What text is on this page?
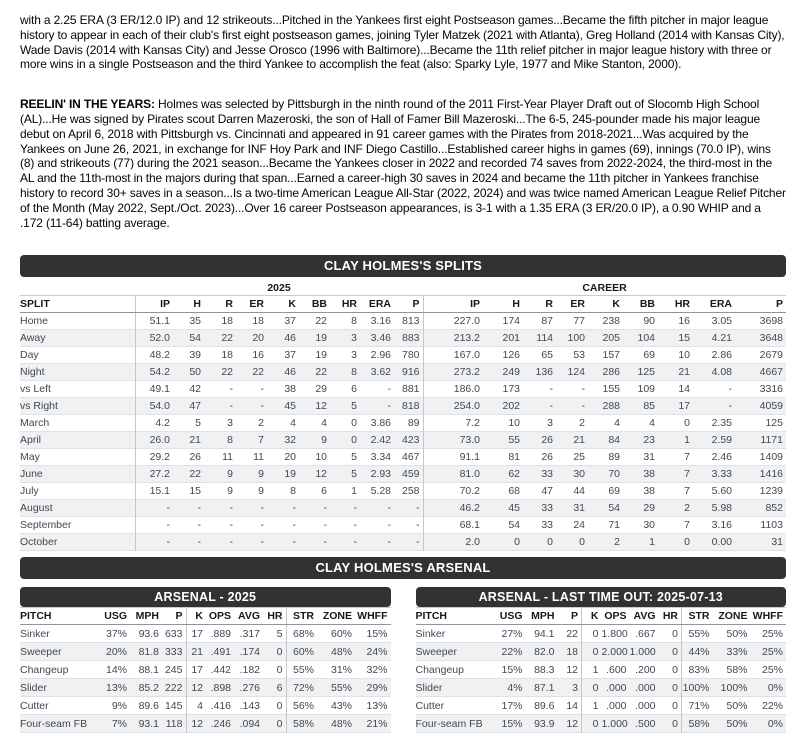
with a 2.25 ERA (3 ER/12.0 IP) and 12 strikeouts...Pitched in the Yankees first eight Postseason games...Became the fifth pitcher in major league history to appear in each of their club's first eight postseason games, joining Tyler Matzek (2021 with Atlanta), Greg Holland (2014 with Kansas City), Wade Davis (2014 with Kansas City) and Jesse Orosco (1996 with Baltimore)...Became the 11th relief pitcher in major league history with three or more wins in a single Postseason and the third Yankee to accomplish the feat (also: Sparky Lyle, 1977 and Mike Stanton, 2000).

REELIN' IN THE YEARS: Holmes was selected by Pittsburgh in the ninth round of the 2011 First-Year Player Draft out of Slocomb High School (AL)...He was signed by Pirates scout Darren Mazeroski, the son of Hall of Famer Bill Mazeroski...The 6-5, 245-pounder made his major league debut on April 6, 2018 with Pittsburgh vs. Cincinnati and appeared in 91 career games with the Pirates from 2018-2021...Was acquired by the Yankees on June 26, 2021, in exchange for INF Hoy Park and INF Diego Castillo...Established career highs in games (69), innings (70.0 IP), wins (8) and strikeouts (77) during the 2021 season...Became the Yankees closer in 2022 and recorded 74 saves from 2022-2024, the third-most in the AL and the 11th-most in the majors during that span...Earned a career-high 30 saves in 2024 and became the 11th pitcher in Yankees franchise history to record 30+ saves in a season...Is a two-time American League All-Star (2022, 2024) and was twice named American League Relief Pitcher of the Month (May 2022, Sept./Oct. 2023)...Over 16 career Postseason appearances, is 3-1 with a 1.35 ERA (3 ER/20.0 IP), a 0.90 WHIP and a .172 (11-64) batting average.

CLAY HOLMES'S SPLITS
	2025									CAREER								
SPLIT	IP	H	R	ER	K	BB	HR	ERA	P	IP	H	R	ER	K	BB	HR	ERA	P
Home	51.1	35	18	18	37	22	8	3.16	813	227.0	174	87	77	238	90	16	3.05	3698
Away	52.0	54	22	20	46	19	3	3.46	883	213.2	201	114	100	205	104	15	4.21	3648
Day	48.2	39	18	16	37	19	3	2.96	780	167.0	126	65	53	157	69	10	2.86	2679
Night	54.2	50	22	22	46	22	8	3.62	916	273.2	249	136	124	286	125	21	4.08	4667
vs Left	49.1	42	-	-	38	29	6	-	881	186.0	173	-	-	155	109	14	-	3316
vs Right	54.0	47	-	-	45	12	5	-	818	254.0	202	-	-	288	85	17	-	4059
March	4.2	5	3	2	4	4	0	3.86	89	7.2	10	3	2	4	4	0	2.35	125
April	26.0	21	8	7	32	9	0	2.42	423	73.0	55	26	21	84	23	1	2.59	1171
May	29.2	26	11	11	20	10	5	3.34	467	91.1	81	26	25	89	31	7	2.46	1409
June	27.2	22	9	9	19	12	5	2.93	459	81.0	62	33	30	70	38	7	3.33	1416
July	15.1	15	9	9	8	6	1	5.28	258	70.2	68	47	44	69	38	7	5.60	1239
August	-	-	-	-	-	-	-	-	-	46.2	45	33	31	54	29	2	5.98	852
September	-	-	-	-	-	-	-	-	-	68.1	54	33	24	71	30	7	3.16	1103
October	-	-	-	-	-	-	-	-	-	2.0	0	0	0	2	1	0	0.00	31
CLAY HOLMES'S ARSENAL
ARSENAL - 2025
PITCH	USG	MPH	P	K	OPS	AVG	HR	STR	ZONE	WHFF
Sinker	37%	93.6	633	17	.889	.317	5	68%	60%	15%
Sweeper	20%	81.8	333	21	.491	.174	0	60%	48%	24%
Changeup	14%	88.1	245	17	.442	.182	0	55%	31%	32%
Slider	13%	85.2	222	12	.898	.276	6	72%	55%	29%
Cutter	9%	89.6	145	4	.416	.143	0	56%	43%	13%
Four-seam FB	7%	93.1	118	12	.246	.094	0	58%	48%	21%
ARSENAL - LAST TIME OUT: 2025-07-13
PITCH	USG	MPH	P	K	OPS	AVG	HR	STR	ZONE	WHFF
Sinker	27%	94.1	22	0	1.800	.667	0	55%	50%	25%
Sweeper	22%	82.0	18	0	2.000	1.000	0	44%	33%	25%
Changeup	15%	88.3	12	1	.600	.200	0	83%	58%	25%
Slider	4%	87.1	3	0	.000	.000	0	100%	100%	0%
Cutter	17%	89.6	14	1	.000	.000	0	71%	50%	22%
Four-seam FB	15%	93.9	12	0	1.000	.500	0	58%	50%	0%
